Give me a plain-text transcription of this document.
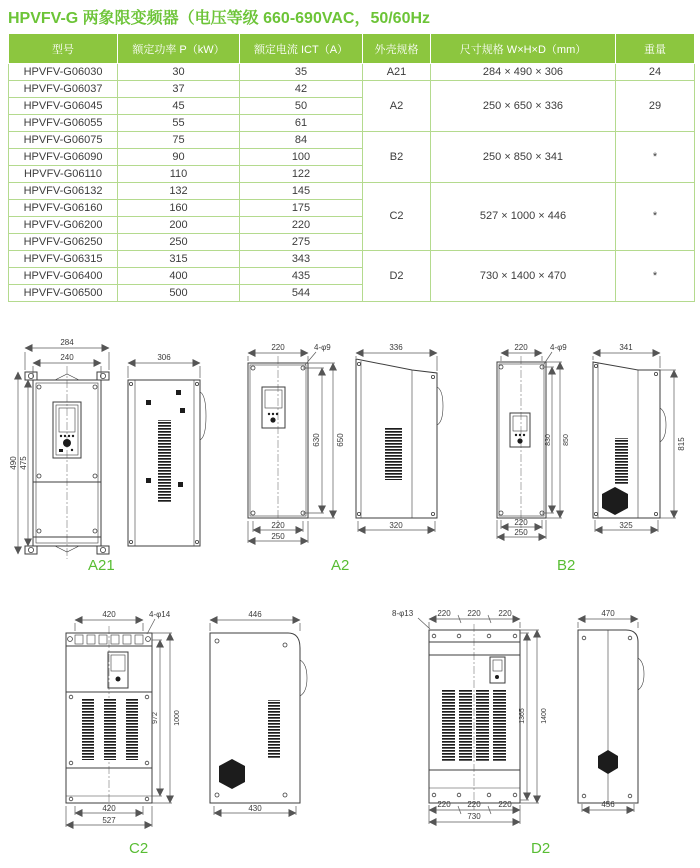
HPVFV-G 两象限变频器（电压等级 660-690VAC，50/60Hz
型号	额定功率 P（kW）	额定电流 ICT（A）	外壳规格	尺寸规格 W×H×D（mm）	重量
HPVFV-G06030	30	35	A21	284 × 490 × 306	24
HPVFV-G06037	37	42	A2	250 × 650 × 336	29
HPVFV-G06045	45	50			
HPVFV-G06055	55	61			
HPVFV-G06075	75	84	B2	250 × 850 × 341	*
HPVFV-G06090	90	100			
HPVFV-G06110	110	122			
HPVFV-G06132	132	145	C2	527 × 1000 × 446	*
HPVFV-G06160	160	175			
HPVFV-G06200	200	220			
HPVFV-G06250	250	275			
HPVFV-G06315	315	343	D2	730 × 1400 × 470	*
HPVFV-G06400	400	435			
HPVFV-G06500	500	544			
284
240
490 475
306
220	4-φ9
630 650
220
250
336
320
220	4-φ9
830 850
220
250
341
815
325
420	4-φ14
972 1000
420
527
446
430
8-φ13	220 220 220
1365 1400
220 220 220
730
470
456
A21	A2	B2
C2	D2
